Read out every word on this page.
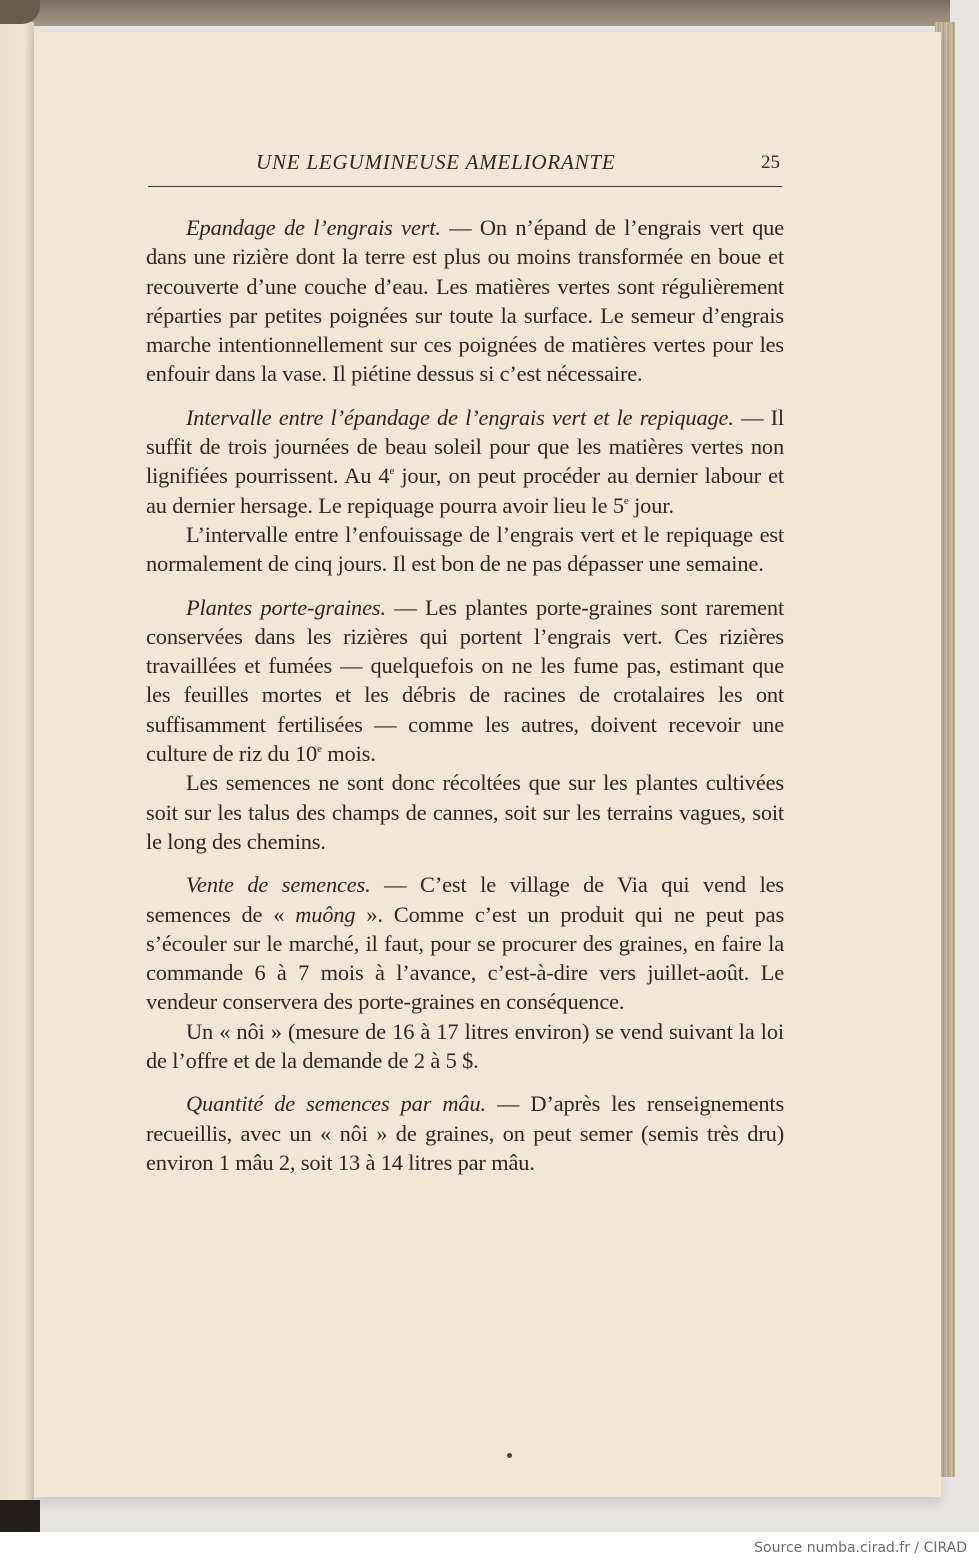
UNE LEGUMINEUSE AMELIORANTE	25

Epandage de l’engrais vert. — On n’épand de l’engrais vert que dans une rizière dont la terre est plus ou moins transformée en boue et recouverte d’une couche d’eau. Les matières vertes sont régulièrement réparties par petites poignées sur toute la surface. Le semeur d’engrais marche intentionnellement sur ces poignées de matières vertes pour les enfouir dans la vase. Il piétine dessus si c’est nécessaire.

Intervalle entre l’épandage de l’engrais vert et le repiquage. — Il suffit de trois journées de beau soleil pour que les matières vertes non lignifiées pourrissent. Au 4e jour, on peut procéder au dernier labour et au dernier hersage. Le repiquage pourra avoir lieu le 5e jour.

L’intervalle entre l’enfouissage de l’engrais vert et le repiquage est normalement de cinq jours. Il est bon de ne pas dépasser une semaine.

Plantes porte-graines. — Les plantes porte-graines sont rarement conservées dans les rizières qui portent l’engrais vert. Ces rizières travaillées et fumées — quelquefois on ne les fume pas, estimant que les feuilles mortes et les débris de racines de crotalaires les ont suffisamment fertilisées — comme les autres, doivent recevoir une culture de riz du 10e mois.

Les semences ne sont donc récoltées que sur les plantes cultivées soit sur les talus des champs de cannes, soit sur les terrains vagues, soit le long des chemins.

Vente de semences. — C’est le village de Via qui vend les semences de « muông ». Comme c’est un produit qui ne peut pas s’écouler sur le marché, il faut, pour se procurer des graines, en faire la commande 6 à 7 mois à l’avance, c’est-à-dire vers juillet-août. Le vendeur conservera des porte-graines en conséquence.

Un « nôi » (mesure de 16 à 17 litres environ) se vend suivant la loi de l’offre et de la demande de 2 à 5 $.

Quantité de semences par mâu. — D’après les renseignements recueillis, avec un « nôi » de graines, on peut semer (semis très dru) environ 1 mâu 2, soit 13 à 14 litres par mâu.

Source numba.cirad.fr / CIRAD
